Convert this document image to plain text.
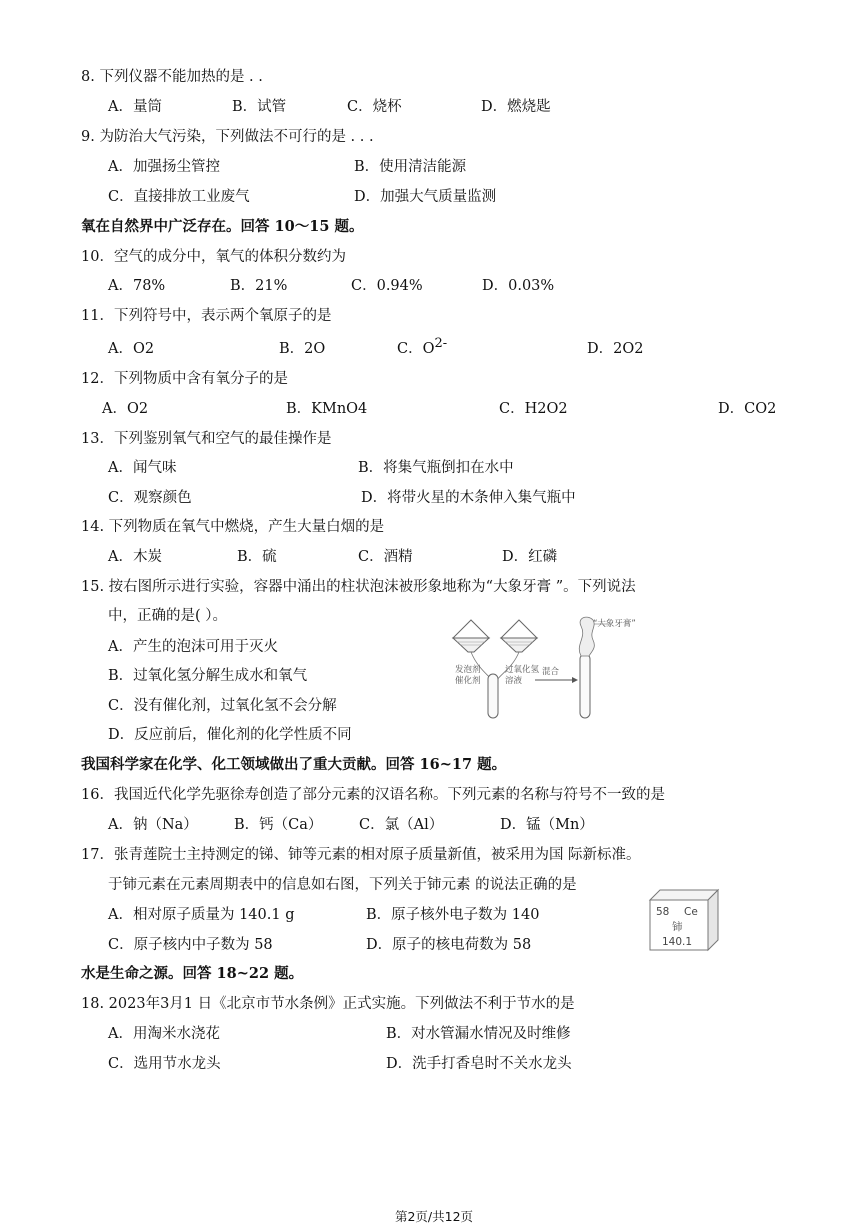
8. 下列仪器不能加热的是 . .
A．量筒	B．试管	C．烧杯	D．燃烧匙
9. 为防治大气污染，下列做法不可行的是 . . .
A．加强扬尘管控	B．使用清洁能源
C．直接排放工业废气	D．加强大气质量监测
氧在自然界中广泛存在。回答 10～15 题。
10．空气的成分中，氧气的体积分数约为
A．78%	B．21%	C．0.94%	D．0.03%
11．下列符号中，表示两个氧原子的是
A．O2	B．2O	C．O2-	D．2O2
12．下列物质中含有氧分子的是
A．O2	B．KMnO4	C．H2O2	D．CO2
13．下列鉴别氧气和空气的最佳操作是
A．闻气味	B．将集气瓶倒扣在水中
C．观察颜色	D．将带火星的木条伸入集气瓶中
14. 下列物质在氧气中燃烧，产生大量白烟的是
A．木炭	B．硫	C．酒精	D．红磷
15. 按右图所示进行实验，容器中涌出的柱状泡沫被形象地称为“大象牙膏 ”。下列说法
中，正确的是( ）。
A．产生的泡沫可用于灭火
B．过氧化氢分解生成水和氧气
C．没有催化剂，过氧化氢不会分解
D．反应前后，催化剂的化学性质不同
发泡剂
催化剂
过氧化氢
溶液
混合
“大象牙膏”
我国科学家在化学、化工领域做出了重大贡献。回答 16~17 题。
16．我国近代化学先驱徐寿创造了部分元素的汉语名称。下列元素的名称与符号不一致的是
A．钠（Na） B．钙（Ca）	C．氯（Al）	D．锰（Mn）
17．张青莲院士主持测定的锑、铈等元素的相对原子质量新值，被采用为国 际新标准。
于铈元素在元素周期表中的信息如右图，下列关于铈元素 的说法正确的是
A．相对原子质量为 140.1 g	B．原子核外电子数为 140
C．原子核内中子数为 58	D．原子的核电荷数为 58
58 Ce
铈
140.1
水是生命之源。回答 18~22 题。
18. 2023年3月1 日《北京市节水条例》正式实施。下列做法不利于节水的是
A．用淘米水浇花	B．对水管漏水情况及时维修
C．选用节水龙头	D．洗手打香皂时不关水龙头
第2页/共12页
